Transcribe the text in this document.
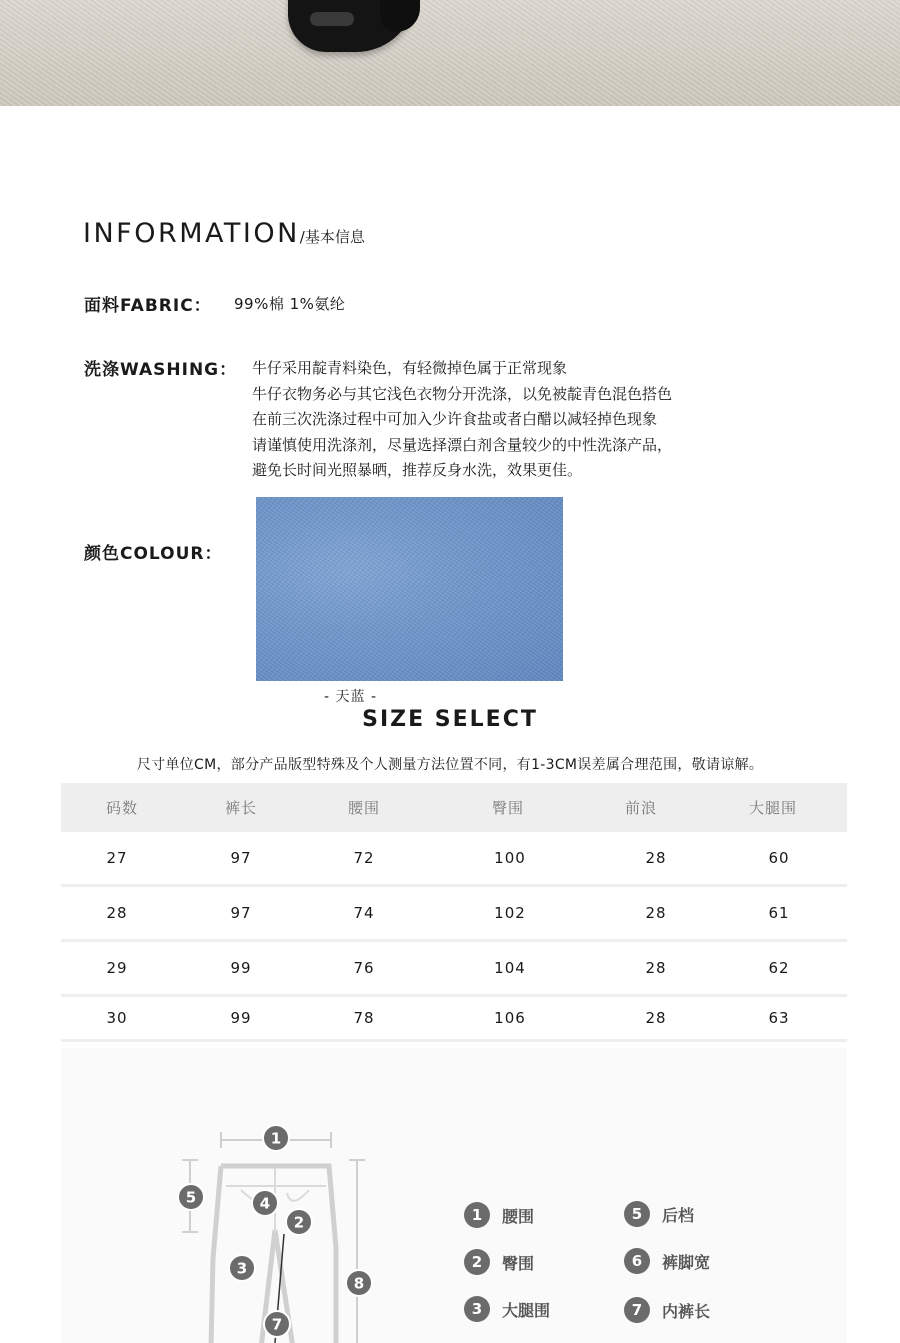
INFORMATION/基本信息
面料FABRIC： 99%棉 1%氨纶
洗涤WASHING： 牛仔采用靛青料染色，有轻微掉色属于正常现象
牛仔衣物务必与其它浅色衣物分开洗涤，以免被靛青色混色搭色
在前三次洗涤过程中可加入少许食盐或者白醋以减轻掉色现象
请谨慎使用洗涤剂，尽量选择漂白剂含量较少的中性洗涤产品，
避免长时间光照暴晒，推荐反身水洗，效果更佳。
颜色COLOUR：
- 天蓝 -
SIZE SELECT
尺寸单位CM，部分产品版型特殊及个人测量方法位置不同，有1-3CM误差属合理范围，敬请谅解。
码数	裤长	腰围	臀围	前浪	大腿围
27	97	72	100	28	60
28	97	74	102	28	61
29	99	76	104	28	62
30	99	78	106	28	63
1
5	4
2
3
8
7
1	腰围	5	后档
2	臀围	6	裤脚宽
3	大腿围	7	内裤长
